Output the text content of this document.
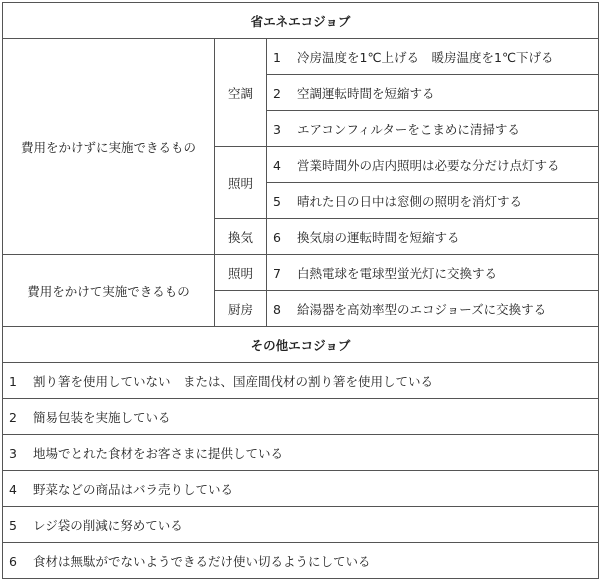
省エネエコジョブ		
費用をかけずに実施できるもの	空調	1 冷房温度を1℃上げる　暖房温度を1℃下げる
		2 空調運転時間を短縮する
		3 エアコンフィルターをこまめに清掃する
	照明	4 営業時間外の店内照明は必要な分だけ点灯する
		5 晴れた日の日中は窓側の照明を消灯する
	換気	6 換気扇の運転時間を短縮する
費用をかけて実施できるもの	照明	7 白熱電球を電球型蛍光灯に交換する
	厨房	8 給湯器を高効率型のエコジョーズに交換する
その他エコジョブ		
1 割り箸を使用していない　または、国産間伐材の割り箸を使用している		
2 簡易包装を実施している		
3 地場でとれた食材をお客さまに提供している		
4 野菜などの商品はバラ売りしている		
5 レジ袋の削減に努めている		
6 食材は無駄がでないようできるだけ使い切るようにしている		
